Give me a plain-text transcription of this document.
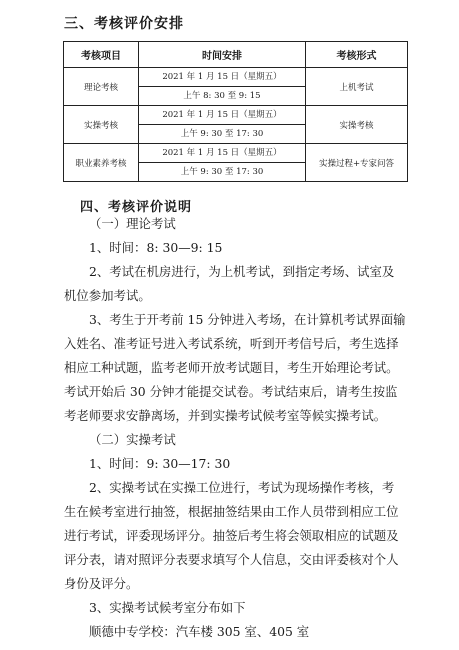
三、考核评价安排
考核项目	时间安排	考核形式
理论考核	2021 年 1 月 15 日（星期五）
上午 8: 30 至 9: 15	上机考试
实操考核	2021 年 1 月 15 日（星期五）
上午 9: 30 至 17: 30	实操考核
职业素养考核	2021 年 1 月 15 日（星期五）
上午 9: 30 至 17: 30	实操过程+专家问答
四、考核评价说明
（一）理论考试
1、时间：8: 30—9: 15
2、考试在机房进行，为上机考试，到指定考场、试室及
机位参加考试。
3、考生于开考前 15 分钟进入考场，在计算机考试界面输
入姓名、准考证号进入考试系统，听到开考信号后，考生选择
相应工种试题，监考老师开放考试题目，考生开始理论考试。
考试开始后 30 分钟才能提交试卷。考试结束后，请考生按监
考老师要求安静离场，并到实操考试候考室等候实操考试。
（二）实操考试
1、时间：9: 30—17: 30
2、实操考试在实操工位进行，考试为现场操作考核，考
生在候考室进行抽签，根据抽签结果由工作人员带到相应工位
进行考试，评委现场评分。抽签后考生将会领取相应的试题及
评分表，请对照评分表要求填写个人信息，交由评委核对个人
身份及评分。
3、实操考试候考室分布如下
顺德中专学校：汽车楼 305 室、405 室
